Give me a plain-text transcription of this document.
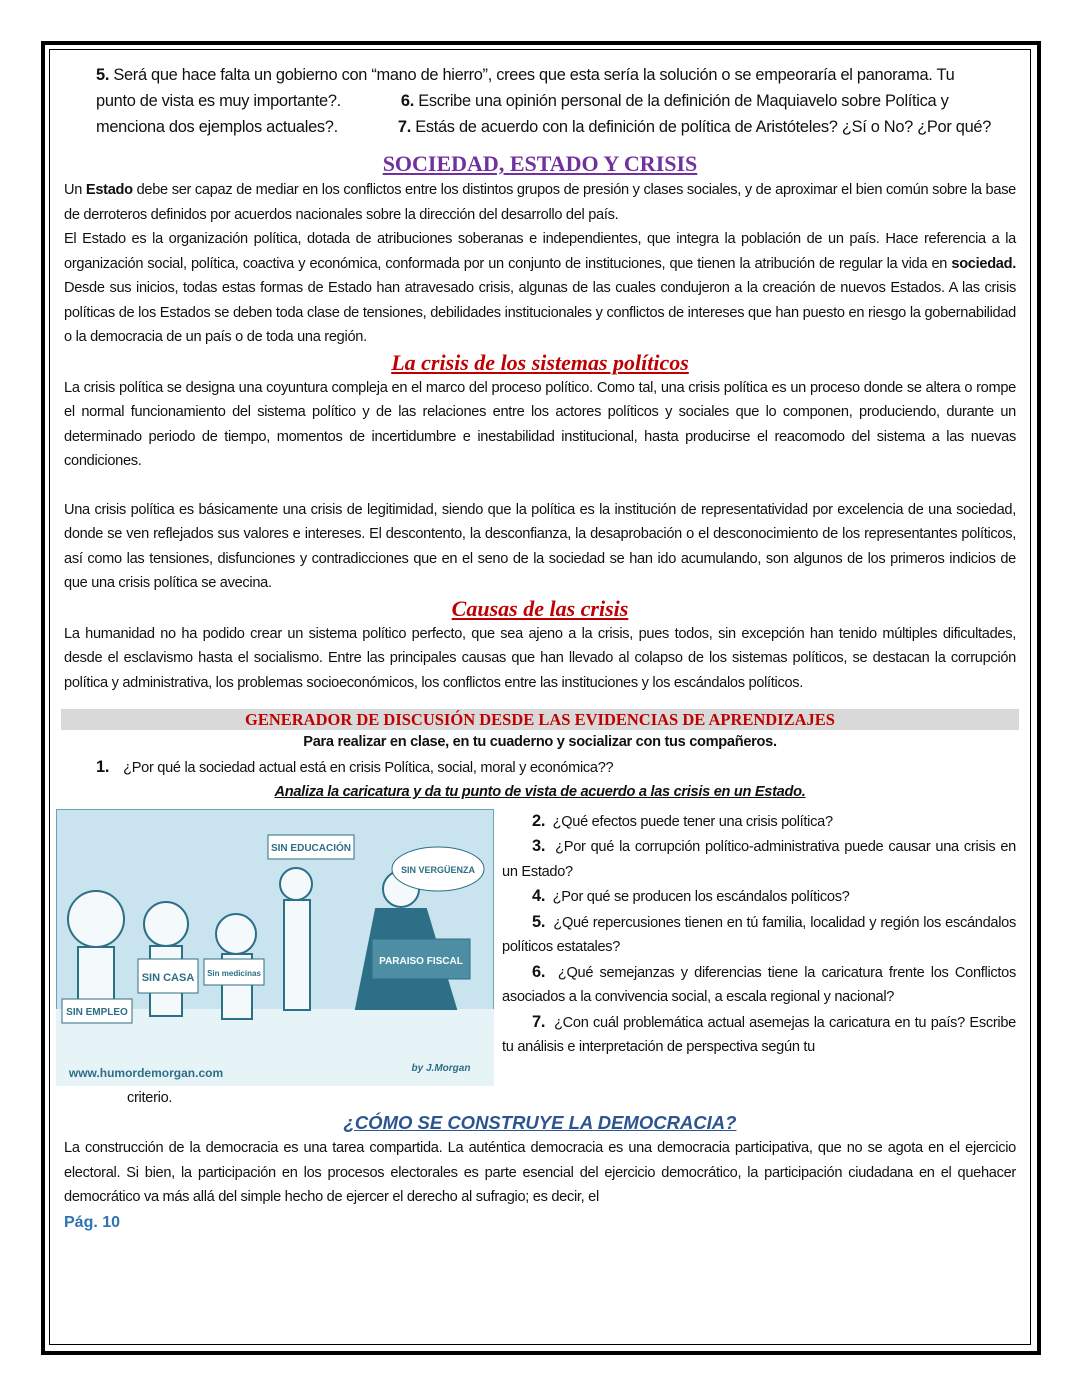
5. Será que hace falta un gobierno con “mano de hierro”, crees que esta sería la solución o se empeoraría el panorama. Tu punto de vista es muy importante?.	6. Escribe una opinión personal de la definición de Maquiavelo sobre Política y menciona dos ejemplos actuales?.	7. Estás de acuerdo con la definición de política de Aristóteles? ¿Sí o No? ¿Por qué?
SOCIEDAD, ESTADO Y CRISIS
Un Estado debe ser capaz de mediar en los conflictos entre los distintos grupos de presión y clases sociales, y de aproximar el bien común sobre la base de derroteros definidos por acuerdos nacionales sobre la dirección del desarrollo del país.
El Estado es la organización política, dotada de atribuciones soberanas e independientes, que integra la población de un país. Hace referencia a la organización social, política, coactiva y económica, conformada por un conjunto de instituciones, que tienen la atribución de regular la vida en sociedad. Desde sus inicios, todas estas formas de Estado han atravesado crisis, algunas de las cuales condujeron a la creación de nuevos Estados. A las crisis políticas de los Estados se deben toda clase de tensiones, debilidades institucionales y conflictos de intereses que han puesto en riesgo la gobernabilidad o la democracia de un país o de toda una región.
La crisis de los sistemas políticos
La crisis política se designa una coyuntura compleja en el marco del proceso político. Como tal, una crisis política es un proceso donde se altera o rompe el normal funcionamiento del sistema político y de las relaciones entre los actores políticos y sociales que lo componen, produciendo, durante un determinado periodo de tiempo, momentos de incertidumbre e inestabilidad institucional, hasta producirse el reacomodo del sistema a las nuevas condiciones.
Una crisis política es básicamente una crisis de legitimidad, siendo que la política es la institución de representatividad por excelencia de una sociedad, donde se ven reflejados sus valores e intereses. El descontento, la desconfianza, la desaprobación o el desconocimiento de los representantes políticos, así como las tensiones, disfunciones y contradicciones que en el seno de la sociedad se han ido acumulando, son algunos de los primeros indicios de que una crisis política se avecina.
Causas de las crisis
La humanidad no ha podido crear un sistema político perfecto, que sea ajeno a la crisis, pues todos, sin excepción han tenido múltiples dificultades, desde el esclavismo hasta el socialismo. Entre las principales causas que han llevado al colapso de los sistemas políticos, se destacan la corrupción política y administrativa, los problemas socioeconómicos, los conflictos entre las instituciones y los escándalos políticos.
GENERADOR DE DISCUSIÓN DESDE LAS EVIDENCIAS DE APRENDIZAJES
Para realizar en clase, en tu cuaderno y socializar con tus compañeros.
1. ¿Por qué la sociedad actual está en crisis Política, social, moral y económica??
Analiza la caricatura y da tu punto de vista de acuerdo a las crisis en un Estado.
SIN EDUCACIÓN
SIN VERGÜENZA
SIN CASA Sin medicinas
SIN EMPLEO
PARAISO FISCAL
www.humordemorgan.com	by J.Morgan
2. ¿Qué efectos puede tener una crisis política?
3. ¿Por qué la corrupción político-administrativa puede causar una crisis en un Estado?
4. ¿Por qué se producen los escándalos políticos?
5. ¿Qué repercusiones tienen en tú familia, localidad y región los escándalos políticos estatales?
6. ¿Qué semejanzas y diferencias tiene la caricatura frente los Conflictos asociados a la convivencia social, a escala regional y nacional?
7. ¿Con cuál problemática actual asemejas la caricatura en tu país? Escribe tu análisis e interpretación de perspectiva según tu
criterio.
¿CÓMO SE CONSTRUYE LA DEMOCRACIA?
La construcción de la democracia es una tarea compartida. La auténtica democracia es una democracia participativa, que no se agota en el ejercicio electoral. Si bien, la participación en los procesos electorales es parte esencial del ejercicio democrático, la participación ciudadana en el quehacer democrático va más allá del simple hecho de ejercer el derecho al sufragio; es decir, el
Pág. 10
